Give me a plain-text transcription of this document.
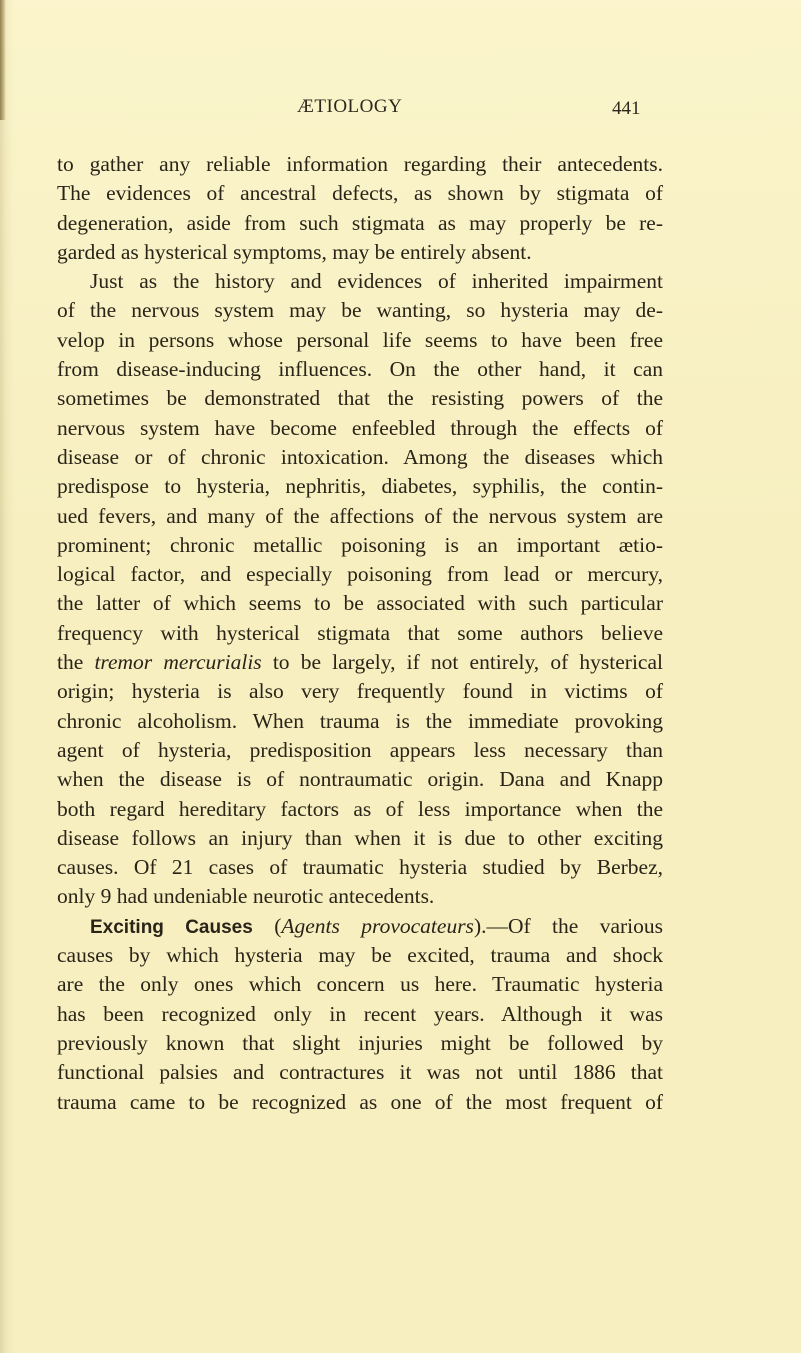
ÆTIOLOGY	441
to gather any reliable information regarding their antecedents.
The evidences of ancestral defects, as shown by stigmata of
degeneration, aside from such stigmata as may properly be re-
garded as hysterical symptoms, may be entirely absent.
Just as the history and evidences of inherited impairment
of the nervous system may be wanting, so hysteria may de-
velop in persons whose personal life seems to have been free
from disease-inducing influences. On the other hand, it can
sometimes be demonstrated that the resisting powers of the
nervous system have become enfeebled through the effects of
disease or of chronic intoxication. Among the diseases which
predispose to hysteria, nephritis, diabetes, syphilis, the contin-
ued fevers, and many of the affections of the nervous system are
prominent; chronic metallic poisoning is an important ætio-
logical factor, and especially poisoning from lead or mercury,
the latter of which seems to be associated with such particular
frequency with hysterical stigmata that some authors believe
the tremor mercurialis to be largely, if not entirely, of hysterical
origin; hysteria is also very frequently found in victims of
chronic alcoholism. When trauma is the immediate provoking
agent of hysteria, predisposition appears less necessary than
when the disease is of nontraumatic origin. Dana and Knapp
both regard hereditary factors as of less importance when the
disease follows an injury than when it is due to other exciting
causes. Of 21 cases of traumatic hysteria studied by Berbez,
only 9 had undeniable neurotic antecedents.
Exciting Causes (Agents provocateurs).—Of the various
causes by which hysteria may be excited, trauma and shock
are the only ones which concern us here. Traumatic hysteria
has been recognized only in recent years. Although it was
previously known that slight injuries might be followed by
functional palsies and contractures it was not until 1886 that
trauma came to be recognized as one of the most frequent of
